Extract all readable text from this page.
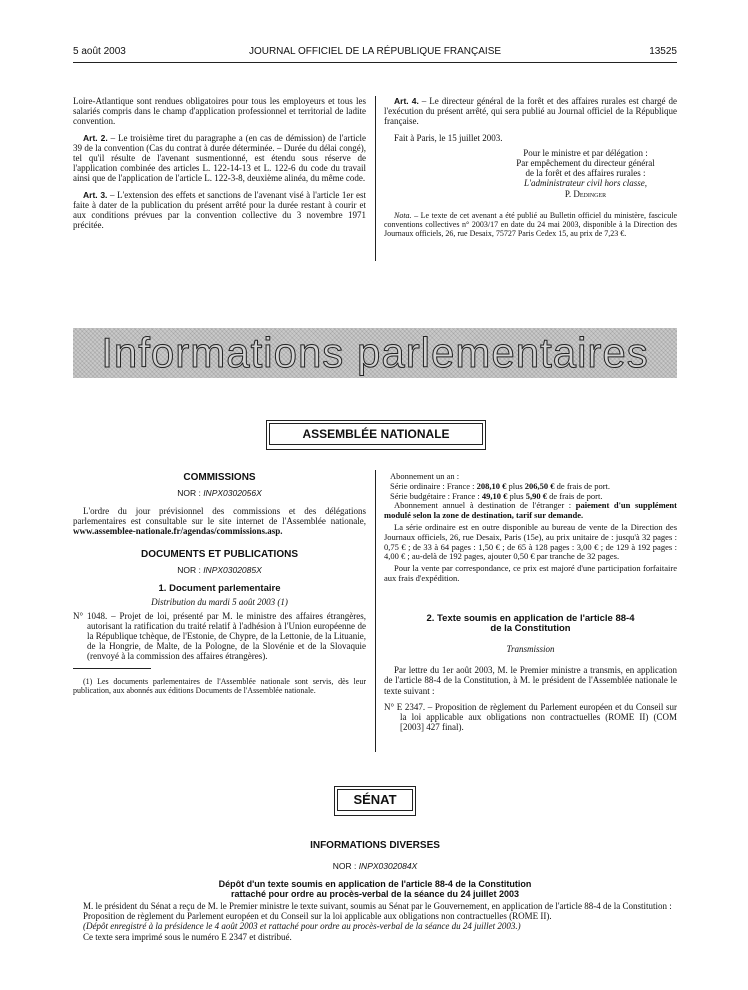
5 août 2003	JOURNAL OFFICIEL DE LA RÉPUBLIQUE FRANÇAISE	13525

Loire-Atlantique sont rendues obligatoires pour tous les employeurs et tous les salariés compris dans le champ d'application professionnel et territorial de ladite convention.

Art. 2. – Le troisième tiret du paragraphe a (en cas de démission) de l'article 39 de la convention (Cas du contrat à durée déterminée. – Durée du délai congé), tel qu'il résulte de l'avenant susmentionné, est étendu sous réserve de l'application combinée des articles L. 122-14-13 et L. 122-6 du code du travail ainsi que de l'application de l'article L. 122-3-8, deuxième alinéa, du même code.

Art. 3. – L'extension des effets et sanctions de l'avenant visé à l'article 1er est faite à dater de la publication du présent arrêté pour la durée restant à courir et aux conditions prévues par la convention collective du 3 novembre 1971 précitée.

Art. 4. – Le directeur général de la forêt et des affaires rurales est chargé de l'exécution du présent arrêté, qui sera publié au Journal officiel de la République française.

Fait à Paris, le 15 juillet 2003.

Pour le ministre et par délégation :
Par empêchement du directeur général
de la forêt et des affaires rurales :
L'administrateur civil hors classe,
P. Dedinger

Nota. – Le texte de cet avenant a été publié au Bulletin officiel du ministère, fascicule conventions collectives n° 2003/17 en date du 24 mai 2003, disponible à la Direction des Journaux officiels, 26, rue Desaix, 75727 Paris Cedex 15, au prix de 7,23 €.

Informations parlementaires
ASSEMBLÉE NATIONALE
COMMISSIONS
NOR : INPX0302056X

L'ordre du jour prévisionnel des commissions et des délégations parlementaires est consultable sur le site internet de l'Assemblée nationale, www.assemblee-nationale.fr/agendas/commissions.asp.

DOCUMENTS ET PUBLICATIONS
NOR : INPX0302085X
1. Document parlementaire
Distribution du mardi 5 août 2003 (1)

N° 1048. – Projet de loi, présenté par M. le ministre des affaires étrangères, autorisant la ratification du traité relatif à l'adhésion à l'Union européenne de la République tchèque, de l'Estonie, de Chypre, de la Lettonie, de la Lituanie, de la Hongrie, de Malte, de la Pologne, de la Slovénie et de la Slovaquie (renvoyé à la commission des affaires étrangères).

(1) Les documents parlementaires de l'Assemblée nationale sont servis, dès leur publication, aux abonnés aux éditions Documents de l'Assemblée nationale.

Abonnement un an :
Série ordinaire : France : 208,10 € plus 206,50 € de frais de port.
Série budgétaire : France : 49,10 € plus 5,90 € de frais de port.

Abonnement annuel à destination de l'étranger : paiement d'un supplément modulé selon la zone de destination, tarif sur demande.

La série ordinaire est en outre disponible au bureau de vente de la Direction des Journaux officiels, 26, rue Desaix, Paris (15e), au prix unitaire de : jusqu'à 32 pages : 0,75 € ; de 33 à 64 pages : 1,50 € ; de 65 à 128 pages : 3,00 € ; de 129 à 192 pages : 4,00 € ; au-delà de 192 pages, ajouter 0,50 € par tranche de 32 pages.

Pour la vente par correspondance, ce prix est majoré d'une participation forfaitaire aux frais d'expédition.

2. Texte soumis en application de l'article 88-4
de la Constitution
Transmission

Par lettre du 1er août 2003, M. le Premier ministre a transmis, en application de l'article 88-4 de la Constitution, à M. le président de l'Assemblée nationale le texte suivant :

N° E 2347. – Proposition de règlement du Parlement européen et du Conseil sur la loi applicable aux obligations non contractuelles (ROME II) (COM [2003] 427 final).

SÉNAT
INFORMATIONS DIVERSES
NOR : INPX0302084X
Dépôt d'un texte soumis en application de l'article 88-4 de la Constitution
rattaché pour ordre au procès-verbal de la séance du 24 juillet 2003

M. le président du Sénat a reçu de M. le Premier ministre le texte suivant, soumis au Sénat par le Gouvernement, en application de l'article 88-4 de la Constitution :

Proposition de règlement du Parlement européen et du Conseil sur la loi applicable aux obligations non contractuelles (ROME II).

(Dépôt enregistré à la présidence le 4 août 2003 et rattaché pour ordre au procès-verbal de la séance du 24 juillet 2003.)

Ce texte sera imprimé sous le numéro E 2347 et distribué.
